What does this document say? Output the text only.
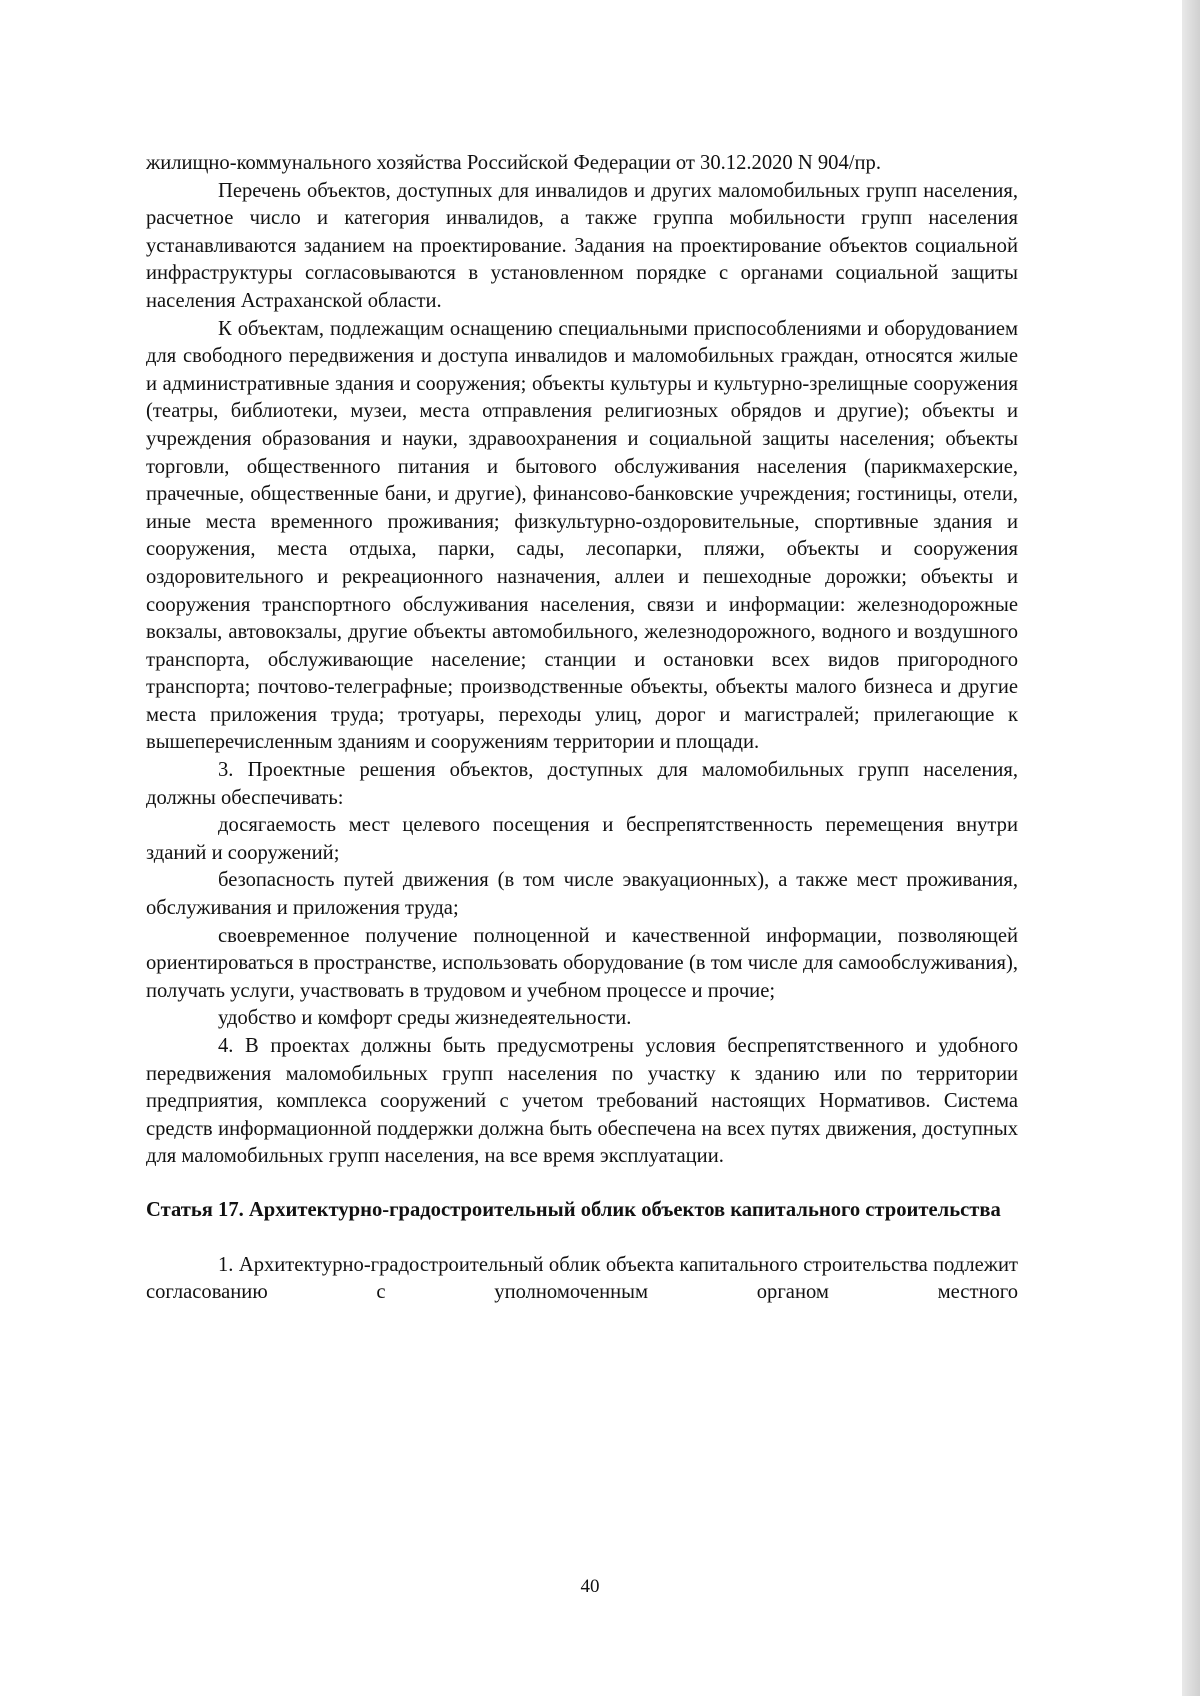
жилищно-коммунального хозяйства Российской Федерации от 30.12.2020 N 904/пр.

Перечень объектов, доступных для инвалидов и других маломобильных групп населения, расчетное число и категория инвалидов, а также группа мобильности групп населения устанавливаются заданием на проектирование. Задания на проектирование объектов социальной инфраструктуры согласовываются в установленном порядке с органами социальной защиты населения Астраханской области.

К объектам, подлежащим оснащению специальными приспособлениями и оборудованием для свободного передвижения и доступа инвалидов и маломобильных граждан, относятся жилые и административные здания и сооружения; объекты культуры и культурно-зрелищные сооружения (театры, библиотеки, музеи, места отправления религиозных обрядов и другие); объекты и учреждения образования и науки, здравоохранения и социальной защиты населения; объекты торговли, общественного питания и бытового обслуживания населения (парикмахерские, прачечные, общественные бани, и другие), финансово-банковские учреждения; гостиницы, отели, иные места временного проживания; физкультурно-оздоровительные, спортивные здания и сооружения, места отдыха, парки, сады, лесопарки, пляжи, объекты и сооружения оздоровительного и рекреационного назначения, аллеи и пешеходные дорожки; объекты и сооружения транспортного обслуживания населения, связи и информации: железнодорожные вокзалы, автовокзалы, другие объекты автомобильного, железнодорожного, водного и воздушного транспорта, обслуживающие население; станции и остановки всех видов пригородного транспорта; почтово-телеграфные; производственные объекты, объекты малого бизнеса и другие места приложения труда; тротуары, переходы улиц, дорог и магистралей; прилегающие к вышеперечисленным зданиям и сооружениям территории и площади.

3. Проектные решения объектов, доступных для маломобильных групп населения, должны обеспечивать:

досягаемость мест целевого посещения и беспрепятственность перемещения внутри зданий и сооружений;

безопасность путей движения (в том числе эвакуационных), а также мест проживания, обслуживания и приложения труда;

своевременное получение полноценной и качественной информации, позволяющей ориентироваться в пространстве, использовать оборудование (в том числе для самообслуживания), получать услуги, участвовать в трудовом и учебном процессе и прочие;

удобство и комфорт среды жизнедеятельности.

4. В проектах должны быть предусмотрены условия беспрепятственного и удобного передвижения маломобильных групп населения по участку к зданию или по территории предприятия, комплекса сооружений с учетом требований настоящих Нормативов. Система средств информационной поддержки должна быть обеспечена на всех путях движения, доступных для маломобильных групп населения, на все время эксплуатации.

Статья 17. Архитектурно-градостроительный облик объектов капитального строительства

1. Архитектурно-градостроительный облик объекта капитального строительства подлежит согласованию с уполномоченным органом местного

40
